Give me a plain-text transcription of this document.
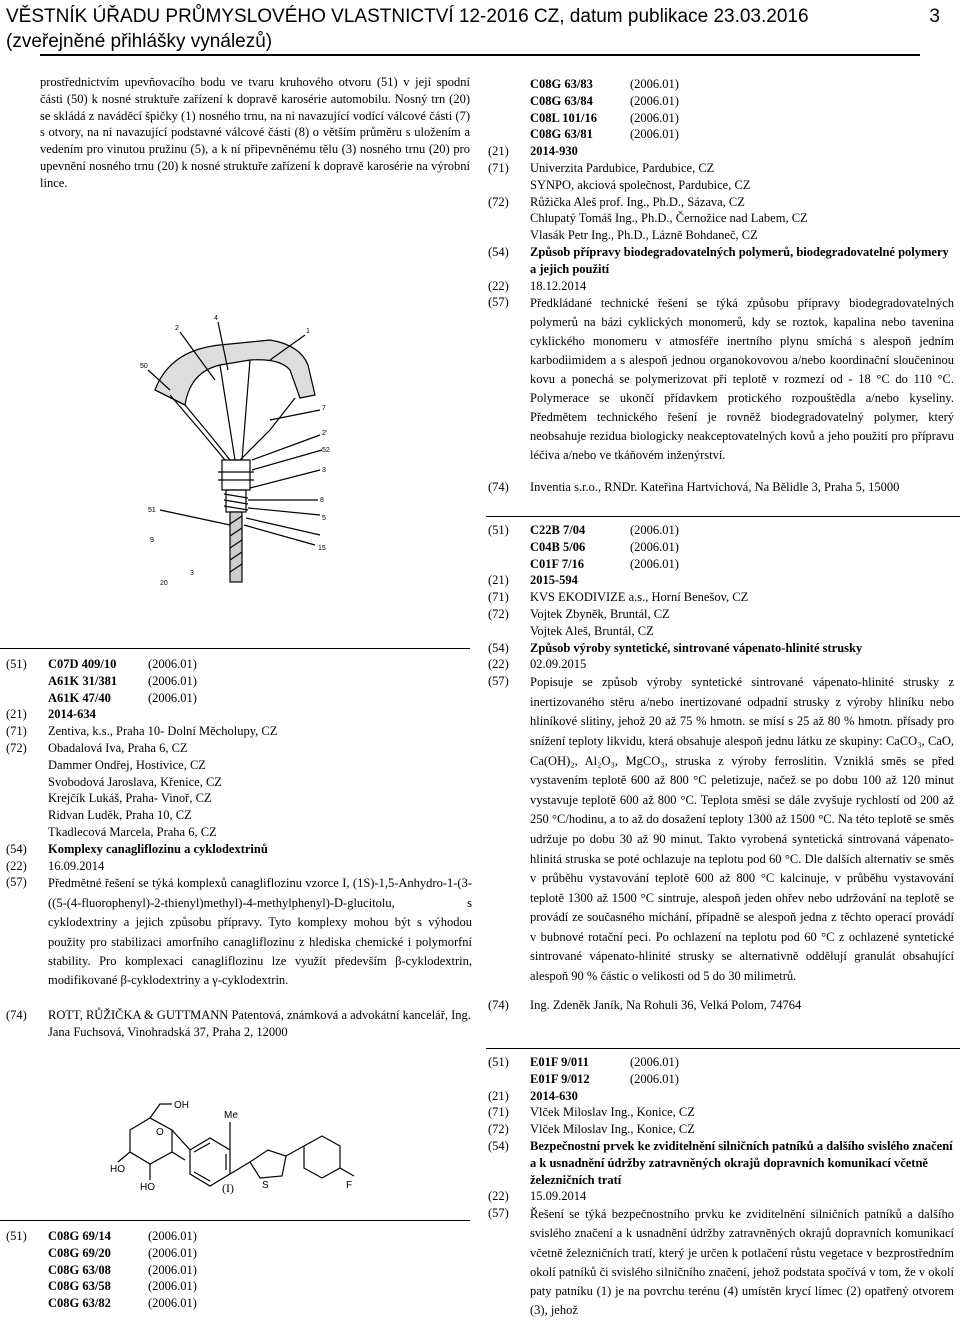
VĚSTNÍK ÚŘADU PRŮMYSLOVÉHO VLASTNICTVÍ 12-2016 CZ, datum publikace 23.03.2016
(zveřejněné přihlášky vynálezů)
3

prostřednictvím upevňovacího bodu ve tvaru kruhového otvoru (51) v její spodní části (50) k nosné struktuře zařízení k dopravě karosérie automobilu. Nosný trn (20) se skládá z naváděcí špičky (1) nosného trnu, na ni navazující vodící válcové části (7) s otvory, na ni navazující podstavné válcové části (8) o větším průměru s uložením a vedením pro vinutou pružinu (5), a k ní připevněnému tělu (3) nosného trnu (20) pro upevnění nosného trnu (20) k nosné struktuře zařízení k dopravě karosérie na výrobní lince.

2
4
1
50
7
2'
52
3
8
51
9
5
15
20
3
(51)	C07D 409/10	(2006.01)
A61K 31/381	(2006.01)
A61K 47/40	(2006.01)
(21)	2014-634
(71)	Zentiva, k.s., Praha 10- Dolní Měcholupy, CZ
(72)	Obadalová Iva, Praha 6, CZ
Dammer Ondřej, Hostivice, CZ
Svobodová Jaroslava, Křenice, CZ
Krejčík Lukáš, Praha- Vinoř, CZ
Ridvan Luděk, Praha 10, CZ
Tkadlecová Marcela, Praha 6, CZ
(54)	Komplexy canagliflozinu a cyklodextrinů
(22)	16.09.2014
(57)	Předmětné řešení se týká komplexů canagliflozinu vzorce I, (1S)-1,5-Anhydro-1-(3-((5-(4-fluorophenyl)-2-thienyl)methyl)-4-methylphenyl)-D-glucitolu, s cyklodextriny a jejich způsobu přípravy. Tyto komplexy mohou být s výhodou použity pro stabilizaci amorfního canagliflozinu z hlediska chemické i polymorfní stability. Pro komplexaci canagliflozinu lze využít především β-cyklodextrin, modifikované β-cyklodextriny a γ-cyklodextrin.
(74)	ROTT, RŮŽIČKA & GUTTMANN Patentová, známková a advokátní kancelář, Ing. Jana Fuchsová, Vinohradská 37, Praha 2, 12000
OH
O
HO
HO
Me
S	F
(I)
(51)	C08G 69/14	(2006.01)
C08G 69/20	(2006.01)
C08G 63/08	(2006.01)
C08G 63/58	(2006.01)
C08G 63/82	(2006.01)
C08G 63/83	(2006.01)
C08G 63/84	(2006.01)
C08L 101/16	(2006.01)
C08G 63/81	(2006.01)
(21)	2014-930
(71)	Univerzita Pardubice, Pardubice, CZ
SYNPO, akciová společnost, Pardubice, CZ
(72)	Růžička Aleš prof. Ing., Ph.D., Sázava, CZ
Chlupatý Tomáš Ing., Ph.D., Černožice nad Labem, CZ
Vlasák Petr Ing., Ph.D., Lázně Bohdaneč, CZ
(54)	Způsob přípravy biodegradovatelných polymerů, biodegradovatelné polymery a jejich použití
(22)	18.12.2014
(57)	Předkládané technické řešení se týká způsobu přípravy biodegradovatelných polymerů na bázi cyklických monomerů, kdy se roztok, kapalina nebo tavenina cyklického monomeru v atmosféře inertního plynu smíchá s alespoň jedním karbodiimidem a s alespoň jednou organokovovou a/nebo koordinační sloučeninou kovu a ponechá se polymerizovat při teplotě v rozmezí od - 18 °C do 110 °C. Polymerace se ukončí přídavkem protického rozpouštědla a/nebo kyseliny. Předmětem technického řešení je rovněž biodegradovatelný polymer, který neobsahuje rezidua biologicky neakceptovatelných kovů a jeho použití pro přípravu léčiva a/nebo ve tkáňovém inženýrství.
(74)	Inventia s.r.o., RNDr. Kateřina Hartvichová, Na Bělidle 3, Praha 5, 15000
(51)	C22B 7/04	(2006.01)
C04B 5/06	(2006.01)
C01F 7/16	(2006.01)
(21)	2015-594
(71)	KVS EKODIVIZE a.s., Horní Benešov, CZ
(72)	Vojtek Zbyněk, Bruntál, CZ
Vojtek Aleš, Bruntál, CZ
(54)	Způsob výroby syntetické, sintrované vápenato-hlinité strusky
(22)	02.09.2015
(57)	Popisuje se způsob výroby syntetické sintrované vápenato-hlinité strusky z inertizovaného stěru a/nebo inertizované odpadní strusky z výroby hliníku nebo hliníkové slitiny, jehož 20 až 75 % hmotn. se mísí s 25 až 80 % hmotn. přísady pro snížení teploty likvidu, která obsahuje alespoň jednu látku ze skupiny: CaCO₃, CaO, Ca(OH)₂, Al₂O₃, MgCO₃, struska z výroby ferroslitin. Vzniklá směs se před vystavením teplotě 600 až 800 °C peletizuje, načež se po dobu 100 až 120 minut vystavuje teplotě 600 až 800 °C. Teplota směsi se dále zvyšuje rychlostí od 200 až 250 °C/hodinu, a to až do dosažení teploty 1300 až 1500 °C. Na této teplotě se směs udržuje po dobu 30 až 90 minut. Takto vyrobená syntetická sintrovaná vápenato-hlinitá struska se poté ochlazuje na teplotu pod 60 °C. Dle dalších alternativ se směs v průběhu vystavování teplotě 600 až 800 °C kalcinuje, v průběhu vystavování teplotě 1300 až 1500 °C sintruje, alespoň jeden ohřev nebo udržování na teplotě se provádí ze současného míchání, případně se alespoň jedna z těchto operací provádí v bubnové rotační peci. Po ochlazení na teplotu pod 60 °C z ochlazené syntetické sintrované vápenato-hlinité strusky se alternativně oddělují granulát obsahující alespoň 90 % částic o velikosti od 5 do 30 milimetrů.
(74)	Ing. Zdeněk Janík, Na Rohuli 36, Velká Polom, 74764
(51)	E01F 9/011	(2006.01)
E01F 9/012	(2006.01)
(21)	2014-630
(71)	Vlček Miloslav Ing., Konice, CZ
(72)	Vlček Miloslav Ing., Konice, CZ
(54)	Bezpečnostní prvek ke zviditelnění silničních patníků a dalšího svislého značení a k usnadnění údržby zatravněných okrajů dopravních komunikací včetně železničních tratí
(22)	15.09.2014
(57)	Řešení se týká bezpečnostního prvku ke zviditelnění silničních patníků a dalšího svislého značení a k usnadnění údržby zatravněných okrajů dopravních komunikací včetně železničních tratí, který je určen k potlačení růstu vegetace v bezprostředním okolí patníků či svislého silničního značení, jehož podstata spočívá v tom, že v okolí paty patníku (1) je na povrchu terénu (4) umístěn krycí límec (2) opatřený otvorem (3), jehož
